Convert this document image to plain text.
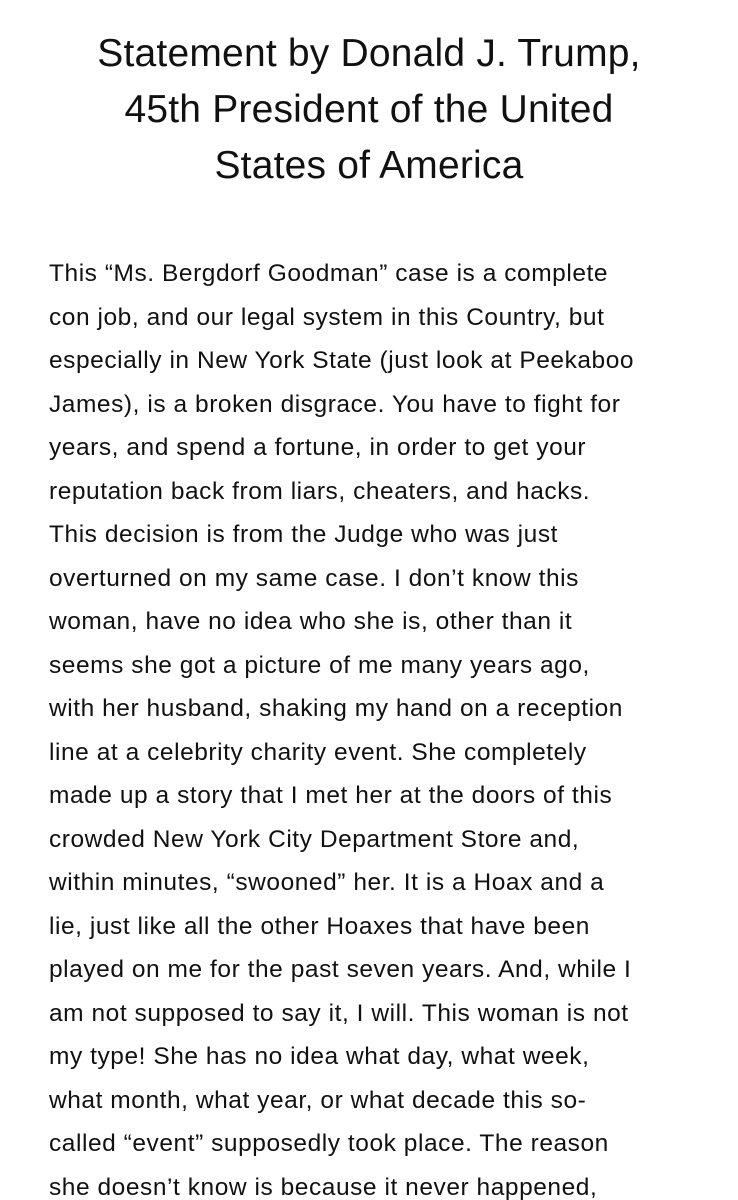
Statement by Donald J. Trump,
45th President of the United
States of America
This “Ms. Bergdorf Goodman” case is a complete
con job, and our legal system in this Country, but
especially in New York State (just look at Peekaboo
James), is a broken disgrace. You have to fight for
years, and spend a fortune, in order to get your
reputation back from liars, cheaters, and hacks.
This decision is from the Judge who was just
overturned on my same case. I don’t know this
woman, have no idea who she is, other than it
seems she got a picture of me many years ago,
with her husband, shaking my hand on a reception
line at a celebrity charity event. She completely
made up a story that I met her at the doors of this
crowded New York City Department Store and,
within minutes, “swooned” her. It is a Hoax and a
lie, just like all the other Hoaxes that have been
played on me for the past seven years. And, while I
am not supposed to say it, I will. This woman is not
my type! She has no idea what day, what week,
what month, what year, or what decade this so-
called “event” supposedly took place. The reason
she doesn’t know is because it never happened,
